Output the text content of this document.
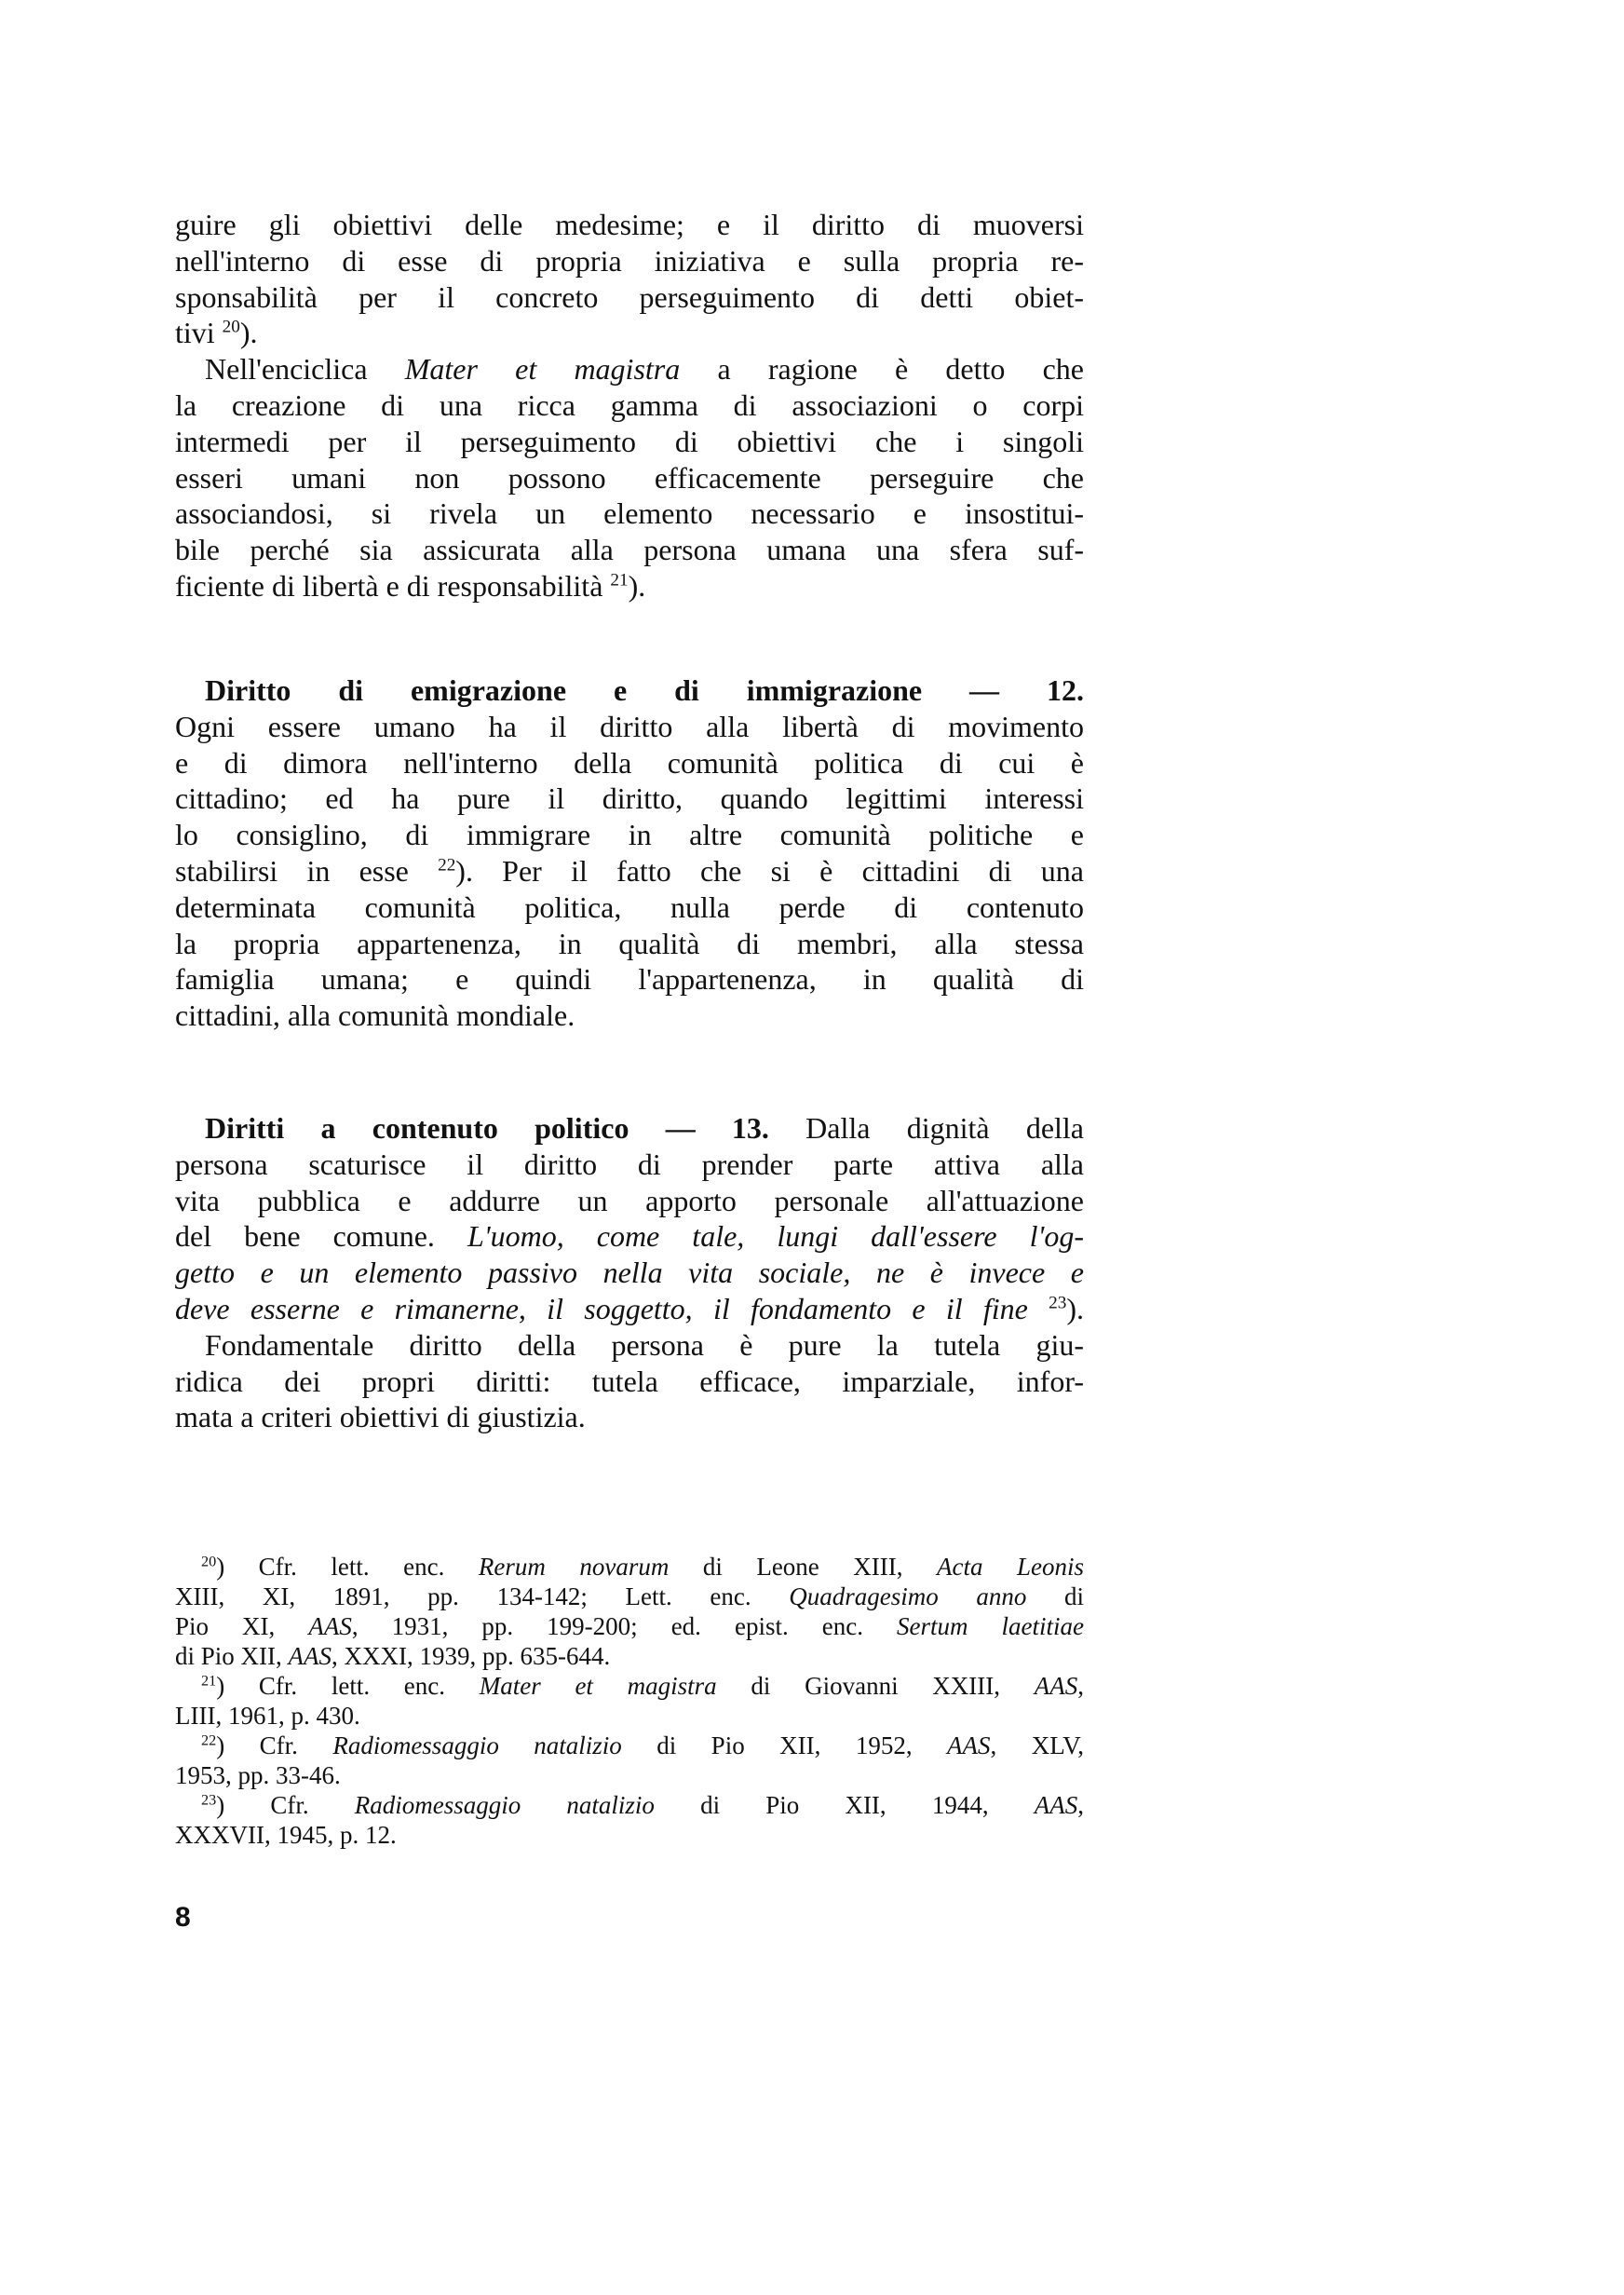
guire gli obiettivi delle medesime; e il diritto di muoversi
nell'interno di esse di propria iniziativa e sulla propria re-
sponsabilità per il concreto perseguimento di detti obiet-
tivi $^{20}$).
Nell'enciclica Mater et magistra a ragione è detto che
la creazione di una ricca gamma di associazioni o corpi
intermedi per il perseguimento di obiettivi che i singoli
esseri umani non possono efficacemente perseguire che
associandosi, si rivela un elemento necessario e insostitui-
bile perché sia assicurata alla persona umana una sfera suf-
ficiente di libertà e di responsabilità $^{21}$).
Diritto di emigrazione e di immigrazione — 12.
Ogni essere umano ha il diritto alla libertà di movimento
e di dimora nell'interno della comunità politica di cui è
cittadino; ed ha pure il diritto, quando legittimi interessi
lo consiglino, di immigrare in altre comunità politiche e
stabilirsi in esse $^{22}$). Per il fatto che si è cittadini di una
determinata comunità politica, nulla perde di contenuto
la propria appartenenza, in qualità di membri, alla stessa
famiglia umana; e quindi l'appartenenza, in qualità di
cittadini, alla comunità mondiale.
Diritti a contenuto politico — 13. Dalla dignità della
persona scaturisce il diritto di prender parte attiva alla
vita pubblica e addurre un apporto personale all'attuazione
del bene comune. L'uomo, come tale, lungi dall'essere l'og-
getto e un elemento passivo nella vita sociale, ne è invece e
deve esserne e rimanerne, il soggetto, il fondamento e il fine $^{23}$).
Fondamentale diritto della persona è pure la tutela giu-
ridica dei propri diritti: tutela efficace, imparziale, infor-
mata a criteri obiettivi di giustizia.
$^{20}$) Cfr. lett. enc. Rerum novarum di Leone XIII, Acta Leonis
XIII, XI, 1891, pp. 134-142; Lett. enc. Quadragesimo anno di
Pio XI, AAS, 1931, pp. 199-200; ed. epist. enc. Sertum laetitiae
di Pio XII, AAS, XXXI, 1939, pp. 635-644.
$^{21}$) Cfr. lett. enc. Mater et magistra di Giovanni XXIII, AAS,
LIII, 1961, p. 430.
$^{22}$) Cfr. Radiomessaggio natalizio di Pio XII, 1952, AAS, XLV,
1953, pp. 33-46.
$^{23}$) Cfr. Radiomessaggio natalizio di Pio XII, 1944, AAS,
XXXVII, 1945, p. 12.
8
